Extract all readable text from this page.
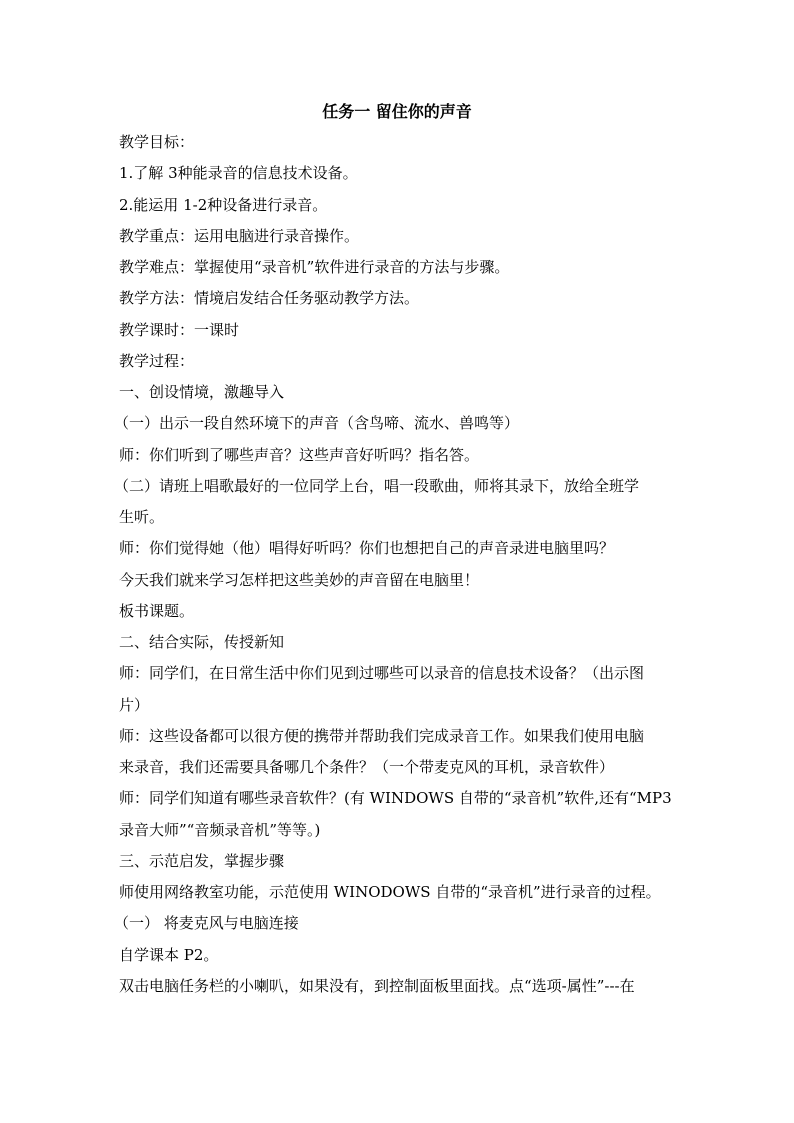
任务一 留住你的声音
教学目标：
1.了解 3种能录音的信息技术设备。
2.能运用 1-2种设备进行录音。
教学重点：运用电脑进行录音操作。
教学难点：掌握使用“录音机”软件进行录音的方法与步骤。
教学方法：情境启发结合任务驱动教学方法。
教学课时：一课时
教学过程：
一、创设情境，激趣导入
（一）出示一段自然环境下的声音（含鸟啼、流水、兽鸣等）
师：你们听到了哪些声音？这些声音好听吗？指名答。
（二）请班上唱歌最好的一位同学上台，唱一段歌曲，师将其录下，放给全班学
生听。
师：你们觉得她（他）唱得好听吗？你们也想把自己的声音录进电脑里吗？
今天我们就来学习怎样把这些美妙的声音留在电脑里！
板书课题。
二、结合实际，传授新知
师：同学们，在日常生活中你们见到过哪些可以录音的信息技术设备？（出示图
片）
师：这些设备都可以很方便的携带并帮助我们完成录音工作。如果我们使用电脑
来录音，我们还需要具备哪几个条件？（一个带麦克风的耳机，录音软件）
师：同学们知道有哪些录音软件？(有 WINDOWS 自带的“录音机”软件,还有“MP3
录音大师”“音频录音机”等等。)
三、示范启发，掌握步骤
师使用网络教室功能，示范使用 WINODOWS 自带的“录音机”进行录音的过程。
（一） 将麦克风与电脑连接
自学课本 P2。
双击电脑任务栏的小喇叭，如果没有，到控制面板里面找。点“选项-属性”---在
